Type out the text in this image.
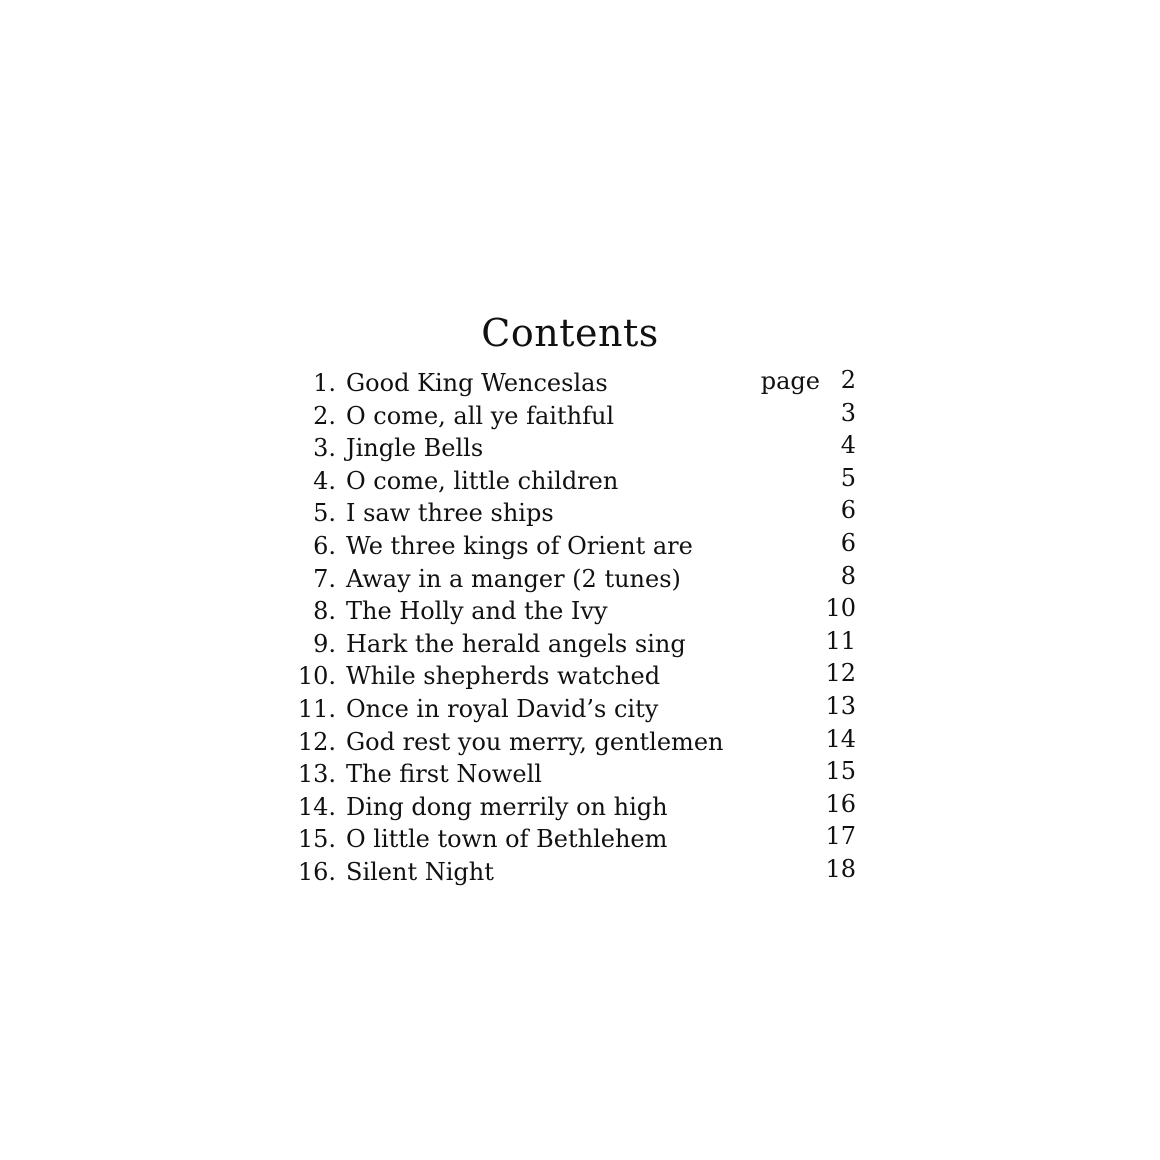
Contents
1. Good King Wenceslas	page 2
2. O come, all ye faithful	3
3. Jingle Bells	4
4. O come, little children	5
5. I saw three ships	6
6. We three kings of Orient are	6
7. Away in a manger (2 tunes)	8
8. The Holly and the Ivy	10
9. Hark the herald angels sing	11
10. While shepherds watched	12
11. Once in royal David’s city	13
12. God rest you merry, gentlemen	14
13. The first Nowell	15
14. Ding dong merrily on high	16
15. O little town of Bethlehem	17
16. Silent Night	18
